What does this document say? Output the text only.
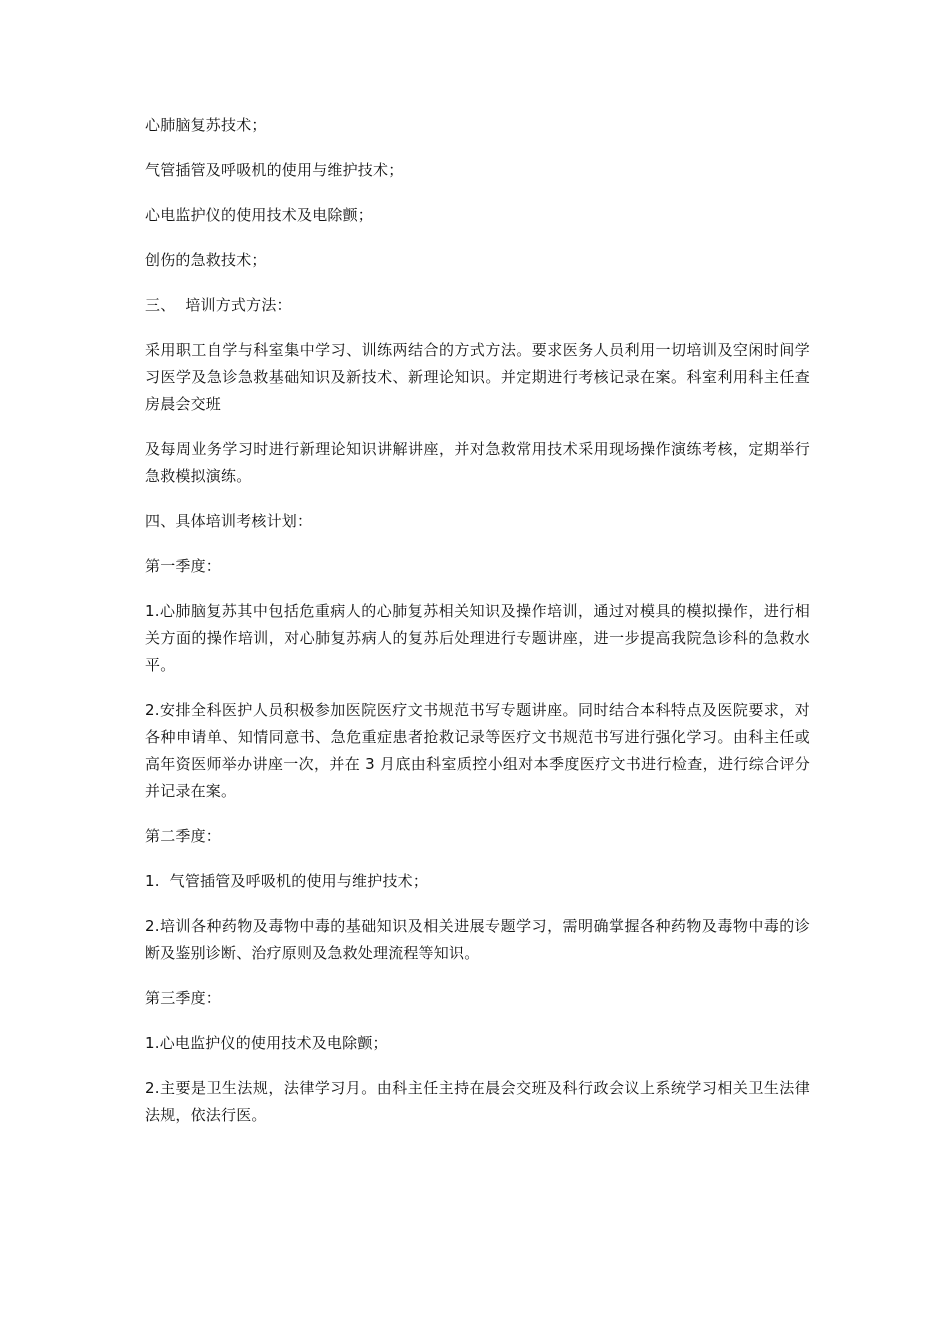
心肺脑复苏技术；

气管插管及呼吸机的使用与维护技术；

心电监护仪的使用技术及电除颤；

创伤的急救技术；

三、  培训方式方法：

采用职工自学与科室集中学习、训练两结合的方式方法。要求医务人员利用一切培训及空闲时间学习医学及急诊急救基础知识及新技术、新理论知识。并定期进行考核记录在案。科室利用科主任查房晨会交班

及每周业务学习时进行新理论知识讲解讲座，并对急救常用技术采用现场操作演练考核，定期举行急救模拟演练。

四、具体培训考核计划：

第一季度：

1.心肺脑复苏其中包括危重病人的心肺复苏相关知识及操作培训，通过对模具的模拟操作，进行相关方面的操作培训，对心肺复苏病人的复苏后处理进行专题讲座，进一步提高我院急诊科的急救水平。

2.安排全科医护人员积极参加医院医疗文书规范书写专题讲座。同时结合本科特点及医院要求，对各种申请单、知情同意书、急危重症患者抢救记录等医疗文书规范书写进行强化学习。由科主任或高年资医师举办讲座一次，并在 3 月底由科室质控小组对本季度医疗文书进行检查，进行综合评分并记录在案。

第二季度：

1.  气管插管及呼吸机的使用与维护技术；

2.培训各种药物及毒物中毒的基础知识及相关进展专题学习，需明确掌握各种药物及毒物中毒的诊断及鉴别诊断、治疗原则及急救处理流程等知识。

第三季度：

1.心电监护仪的使用技术及电除颤；

2.主要是卫生法规，法律学习月。由科主任主持在晨会交班及科行政会议上系统学习相关卫生法律法规，依法行医。
